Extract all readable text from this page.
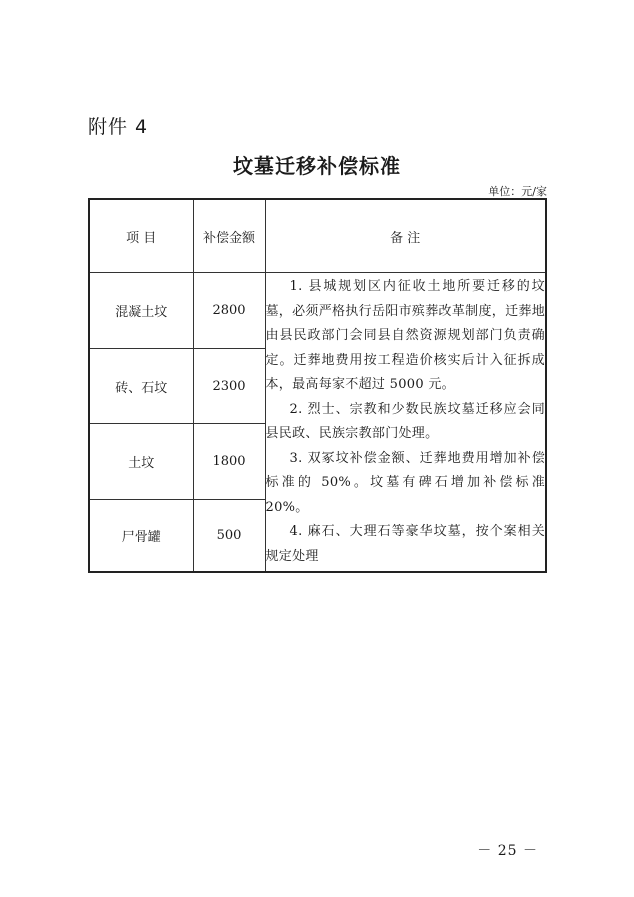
附件 4
坟墓迁移补偿标准
单位：元/家
项 目	补偿金额	备 注
混凝土坟	2800	1. 县城规划区内征收土地所要迁移的坟墓，必须严格执行岳阳市殡葬改革制度，迁葬地由县民政部门会同县自然资源规划部门负责确定。迁葬地费用按工程造价核实后计入征拆成本，最高每家不超过 5000 元。

2. 烈士、宗教和少数民族坟墓迁移应会同县民政、民族宗教部门处理。

3. 双冢坟补偿金额、迁葬地费用增加补偿标准的 50%。坟墓有碑石增加补偿标准 20%。

4. 麻石、大理石等豪华坟墓，按个案相关规定处理

砖、石坟	2300	
土坟	1800	
尸骨罐	500	
－ 25 －
